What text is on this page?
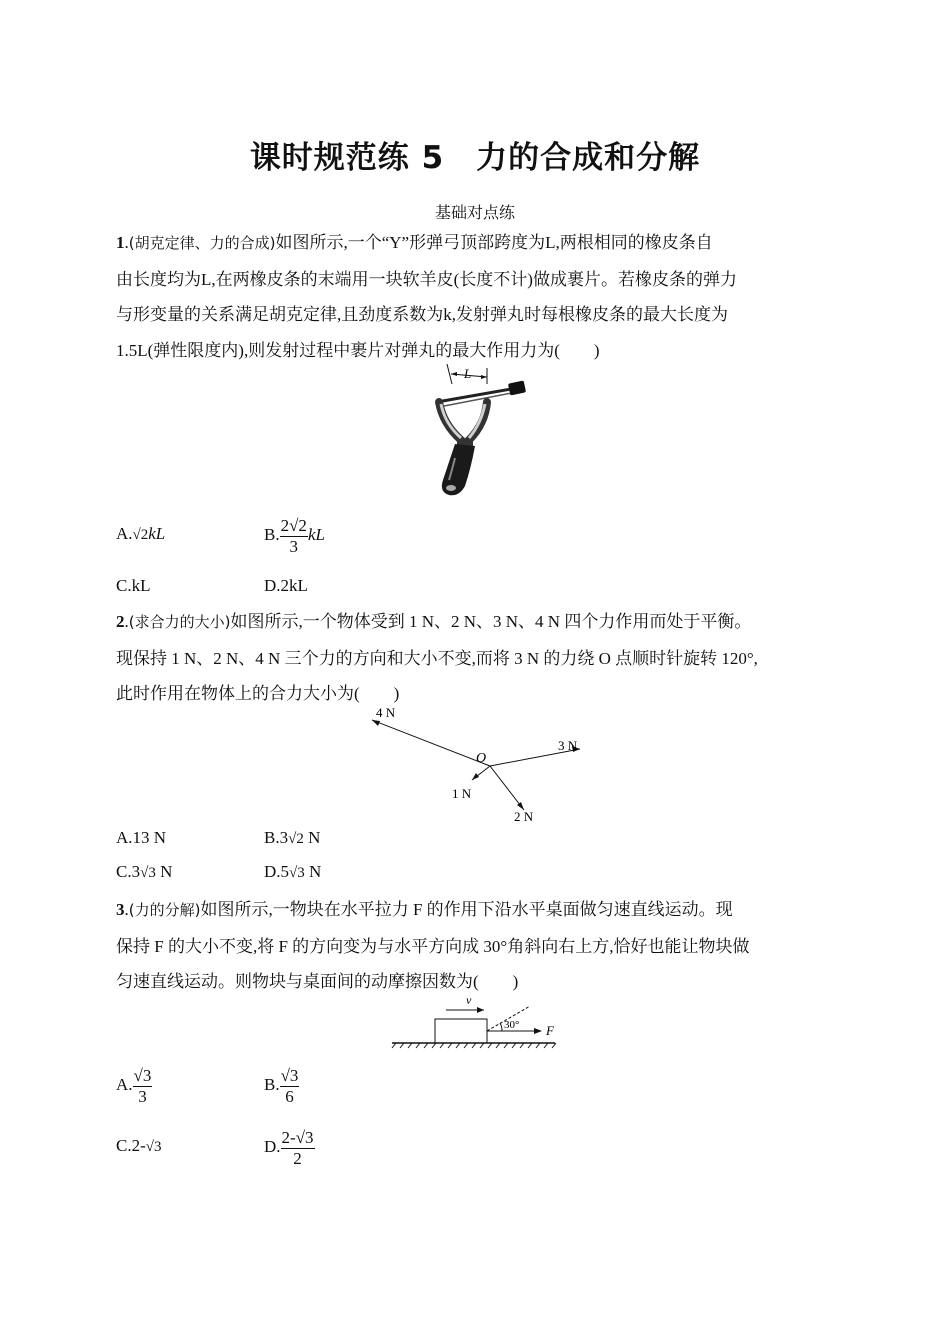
课时规范练 5　力的合成和分解
基础对点练
1.(胡克定律、力的合成)如图所示,一个“Y”形弹弓顶部跨度为L,两根相同的橡皮条自
由长度均为L,在两橡皮条的末端用一块软羊皮(长度不计)做成裹片。若橡皮条的弹力
与形变量的关系满足胡克定律,且劲度系数为k,发射弹丸时每根橡皮条的最大长度为
1.5L(弹性限度内),则发射过程中裹片对弹丸的最大作用力为(　　)
L
A.√2kL	B. $\frac{2√2}{3}$ kL
C.kL	D.2kL
2.(求合力的大小)如图所示,一个物体受到 1 N、2 N、3 N、4 N 四个力作用而处于平衡。
现保持 1 N、2 N、4 N 三个力的方向和大小不变,而将 3 N 的力绕 O 点顺时针旋转 120°,
此时作用在物体上的合力大小为(　　)
4 N
3 N
1 N
2 N
O
A.13 N	B.3√2 N
C.3√3 N	D.5√3 N
3.(力的分解)如图所示,一物块在水平拉力 F 的作用下沿水平桌面做匀速直线运动。现
保持 F 的大小不变,将 F 的方向变为与水平方向成 30°角斜向右上方,恰好也能让物块做
匀速直线运动。则物块与桌面间的动摩擦因数为(　　)
v
30° F
A. $\frac{√3}{3}$	B. $\frac{√3}{6}$
C.2-√3	D. $\frac{2-√3}{2}$
